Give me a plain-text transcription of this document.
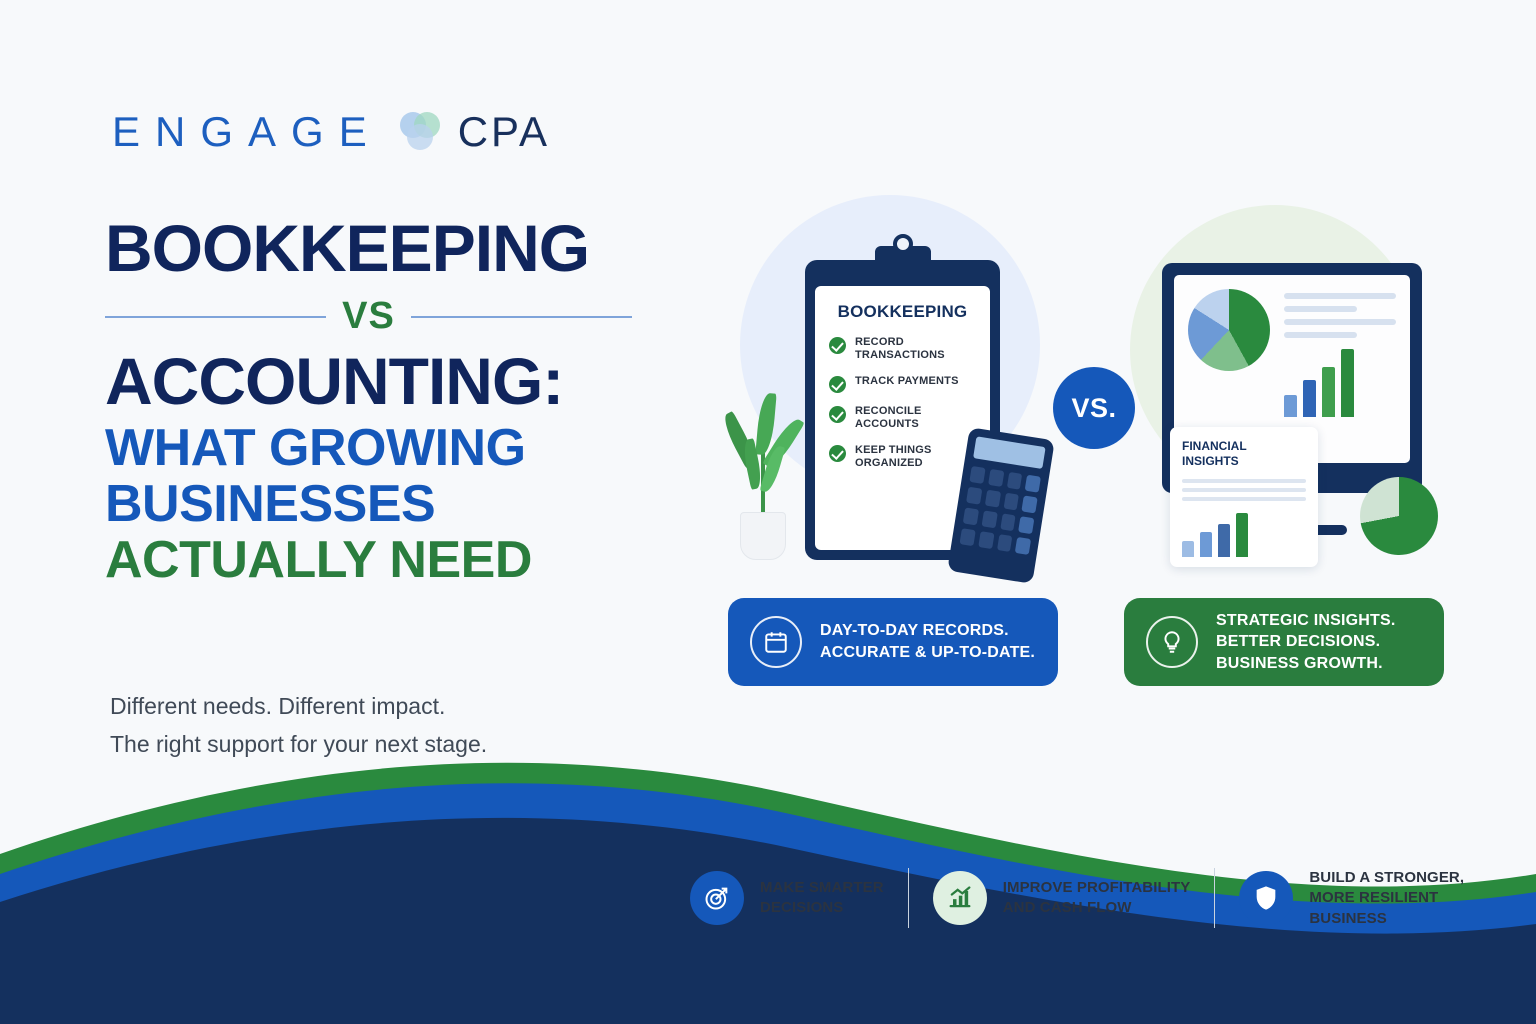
ENGAGE CPA
BOOKKEEPING
VS
ACCOUNTING:
WHAT GROWING BUSINESSES
ACTUALLY NEED
Different needs. Different impact.
The right support for your next stage.
BOOKKEEPING
RECORD TRANSACTIONS
TRACK PAYMENTS
RECONCILE ACCOUNTS
KEEP THINGS ORGANIZED
VS.
FINANCIAL INSIGHTS
DAY-TO-DAY RECORDS.
ACCURATE & UP-TO-DATE.
STRATEGIC INSIGHTS.
BETTER DECISIONS.
BUSINESS GROWTH.
MAKE SMARTER
DECISIONS
IMPROVE PROFITABILITY
AND CASH FLOW
BUILD A STRONGER,
MORE RESILIENT
BUSINESS
